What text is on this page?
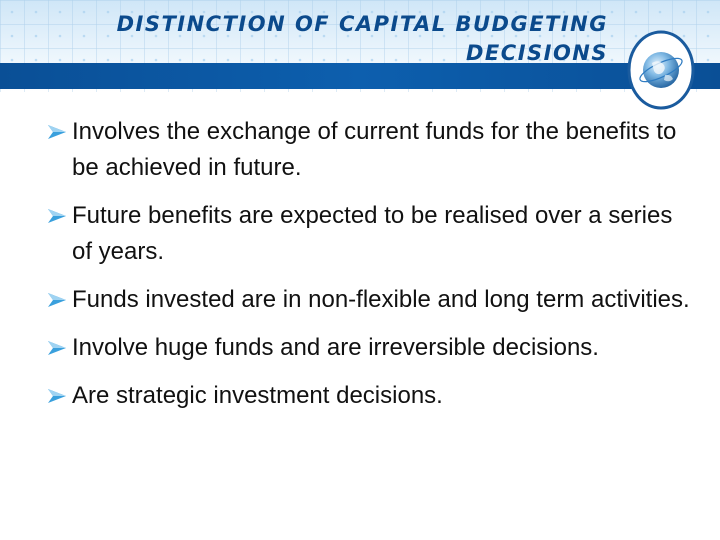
DISTINCTION OF CAPITAL BUDGETING
DECISIONS
Involves the exchange of current funds for the benefits to be achieved in future.
Future benefits are expected to be realised over a series of years.
Funds invested are in non-flexible and long term activities.
Involve huge funds and are irreversible decisions.
Are strategic investment decisions.
